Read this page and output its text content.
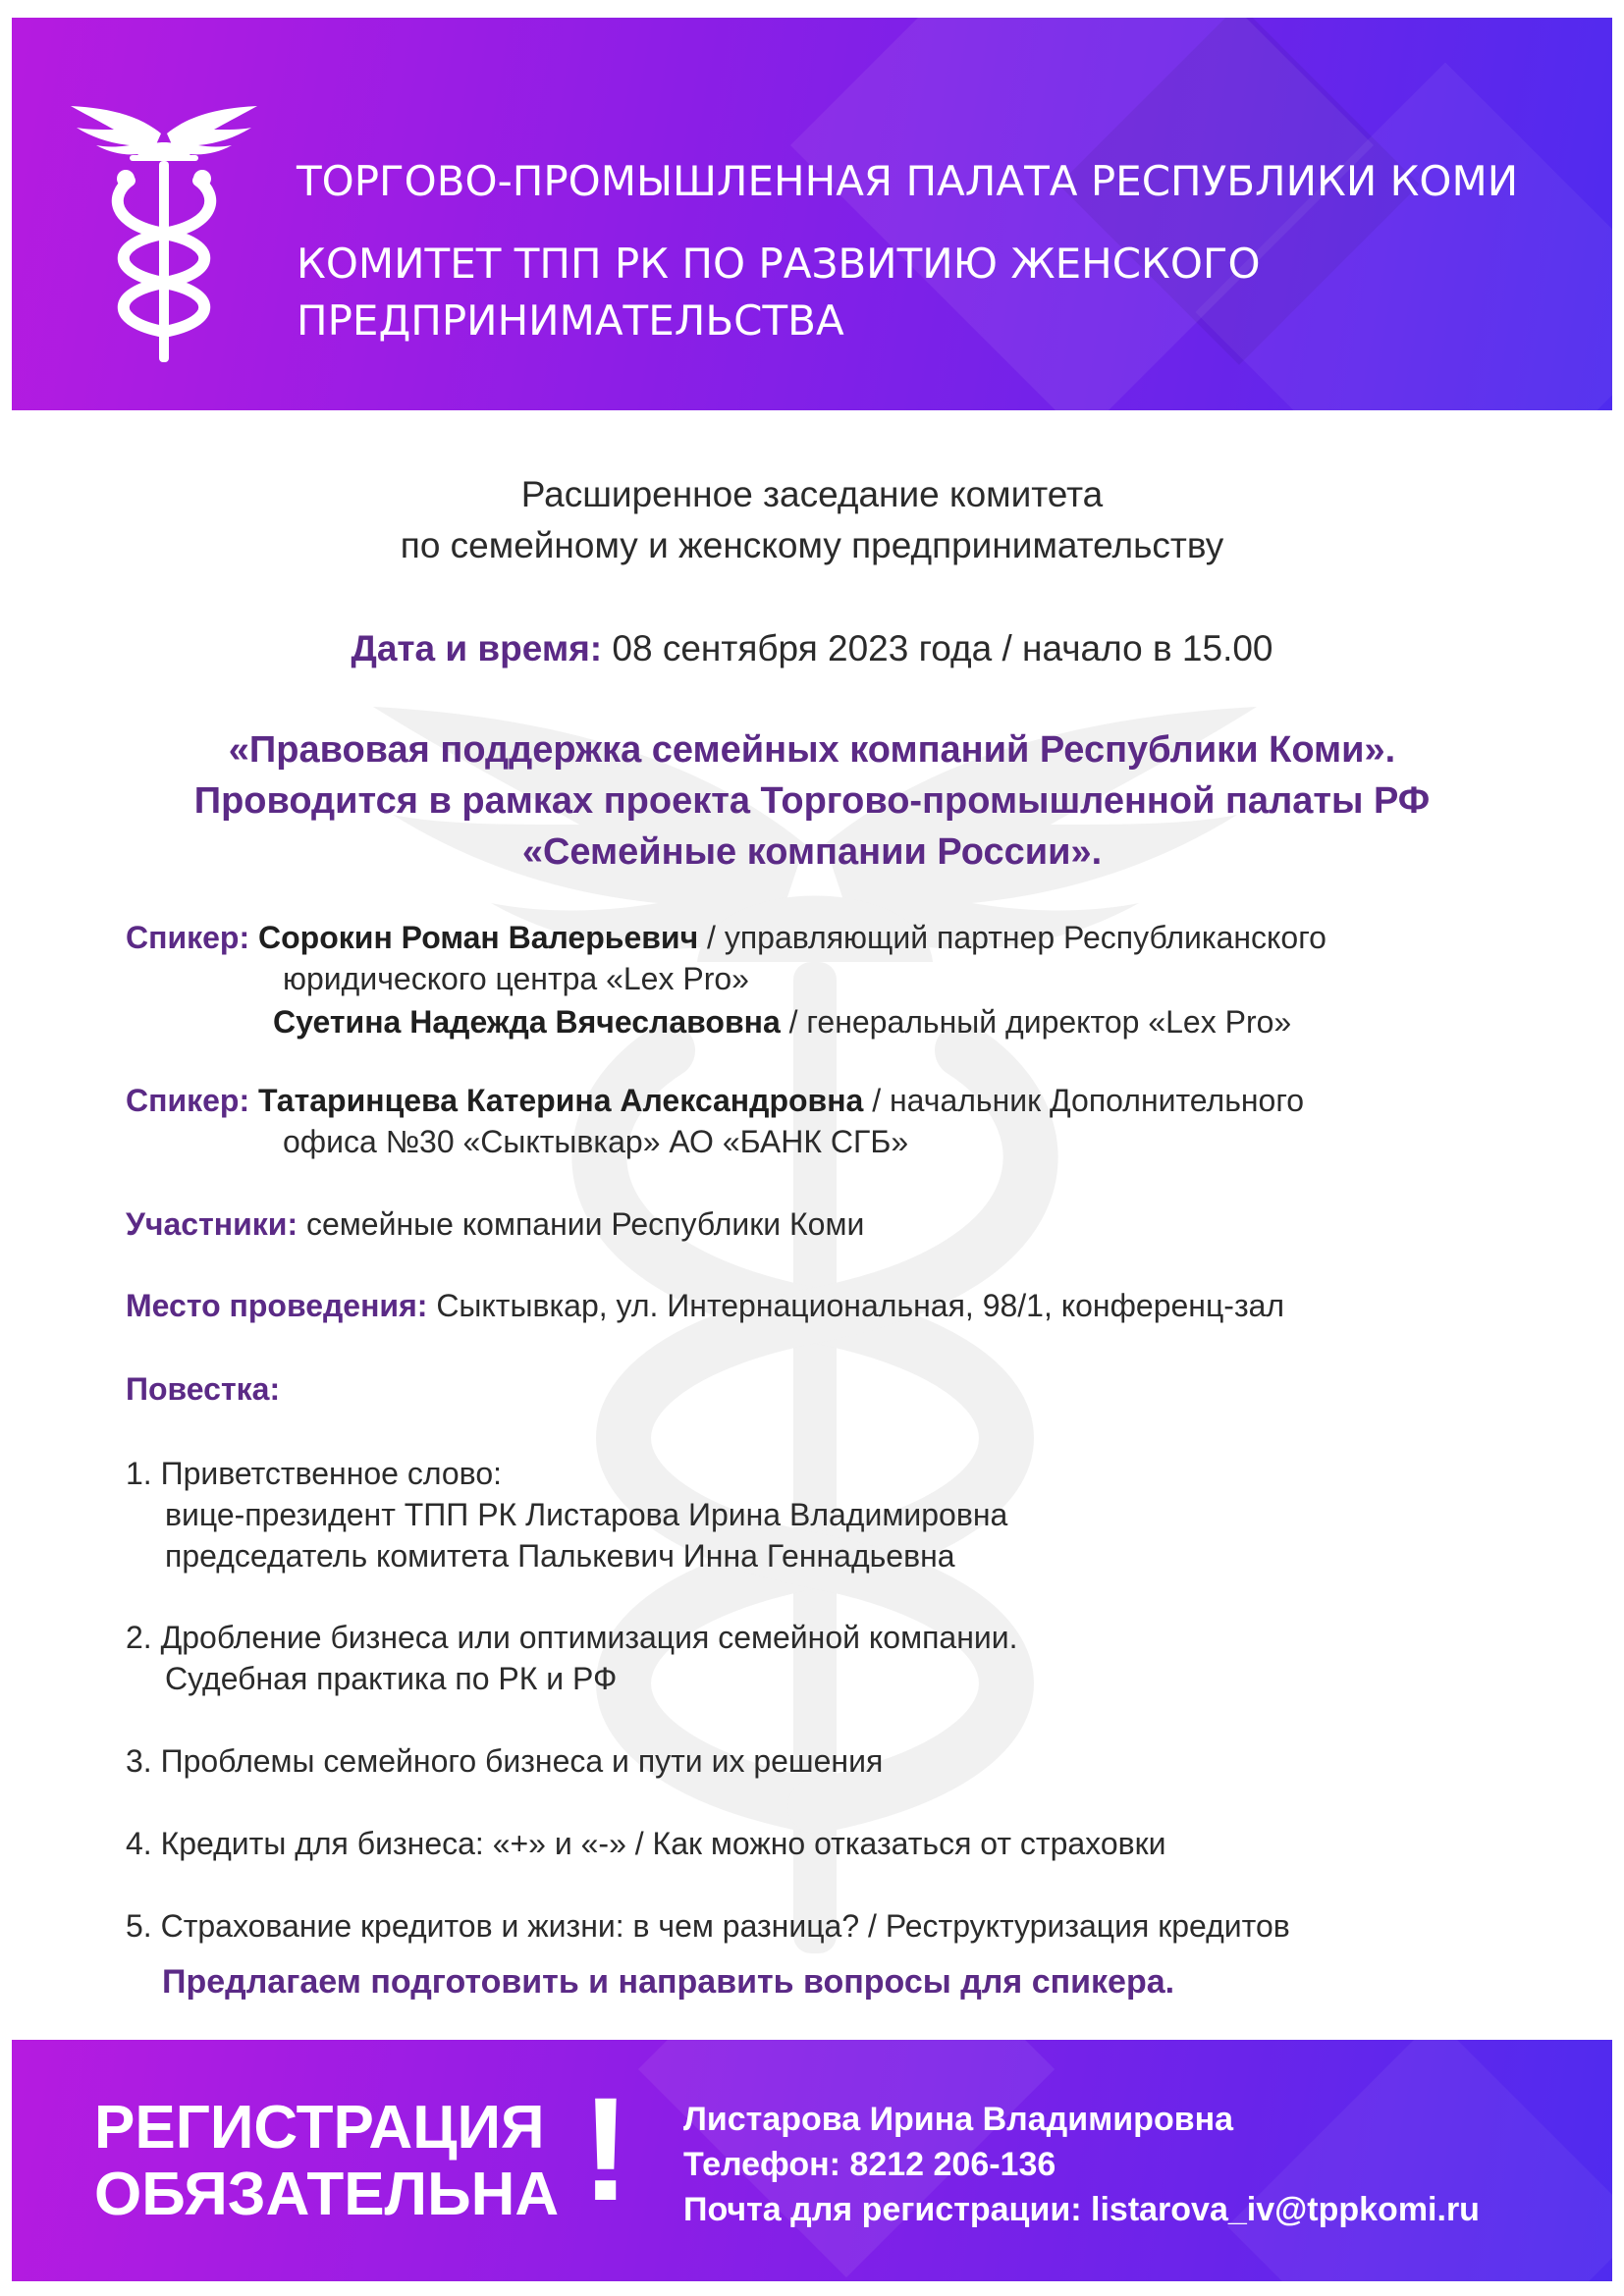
ТОРГОВО-ПРОМЫШЛЕННАЯ ПАЛАТА РЕСПУБЛИКИ КОМИ
КОМИТЕТ ТПП РК ПО РАЗВИТИЮ ЖЕНСКОГО
ПРЕДПРИНИМАТЕЛЬСТВА
Расширенное заседание комитета
по семейному и женскому предпринимательству
Дата и время: 08 сентября 2023 года / начало в 15.00
«Правовая поддержка семейных компаний Республики Коми».
Проводится в рамках проекта Торгово-промышленной палаты РФ
«Семейные компании России».
Спикер: Сорокин Роман Валерьевич / управляющий партнер Республиканского
юридического центра «Lex Pro»
Суетина Надежда Вячеславовна / генеральный директор «Lex Pro»
Спикер: Татаринцева Катерина Александровна / начальник Дополнительного
офиса №30 «Сыктывкар» АО «БАНК СГБ»
Участники: семейные компании Республики Коми
Место проведения: Сыктывкар, ул. Интернациональная, 98/1, конференц-зал
Повестка:
1. Приветственное слово:
вице-президент ТПП РК Листарова Ирина Владимировна
председатель комитета Палькевич Инна Геннадьевна
2. Дробление бизнеса или оптимизация семейной компании.
Судебная практика по РК и РФ
3. Проблемы семейного бизнеса и пути их решения
4. Кредиты для бизнеса: «+» и «-» / Как можно отказаться от страховки
5. Страхование кредитов и жизни: в чем разница? / Реструктуризация кредитов
Предлагаем подготовить и направить вопросы для спикера.
РЕГИСТРАЦИЯ
ОБЯЗАТЕЛЬНА ! Листарова Ирина Владимировна
Телефон: 8212 206-136
Почта для регистрации: listarova_iv@tppkomi.ru
